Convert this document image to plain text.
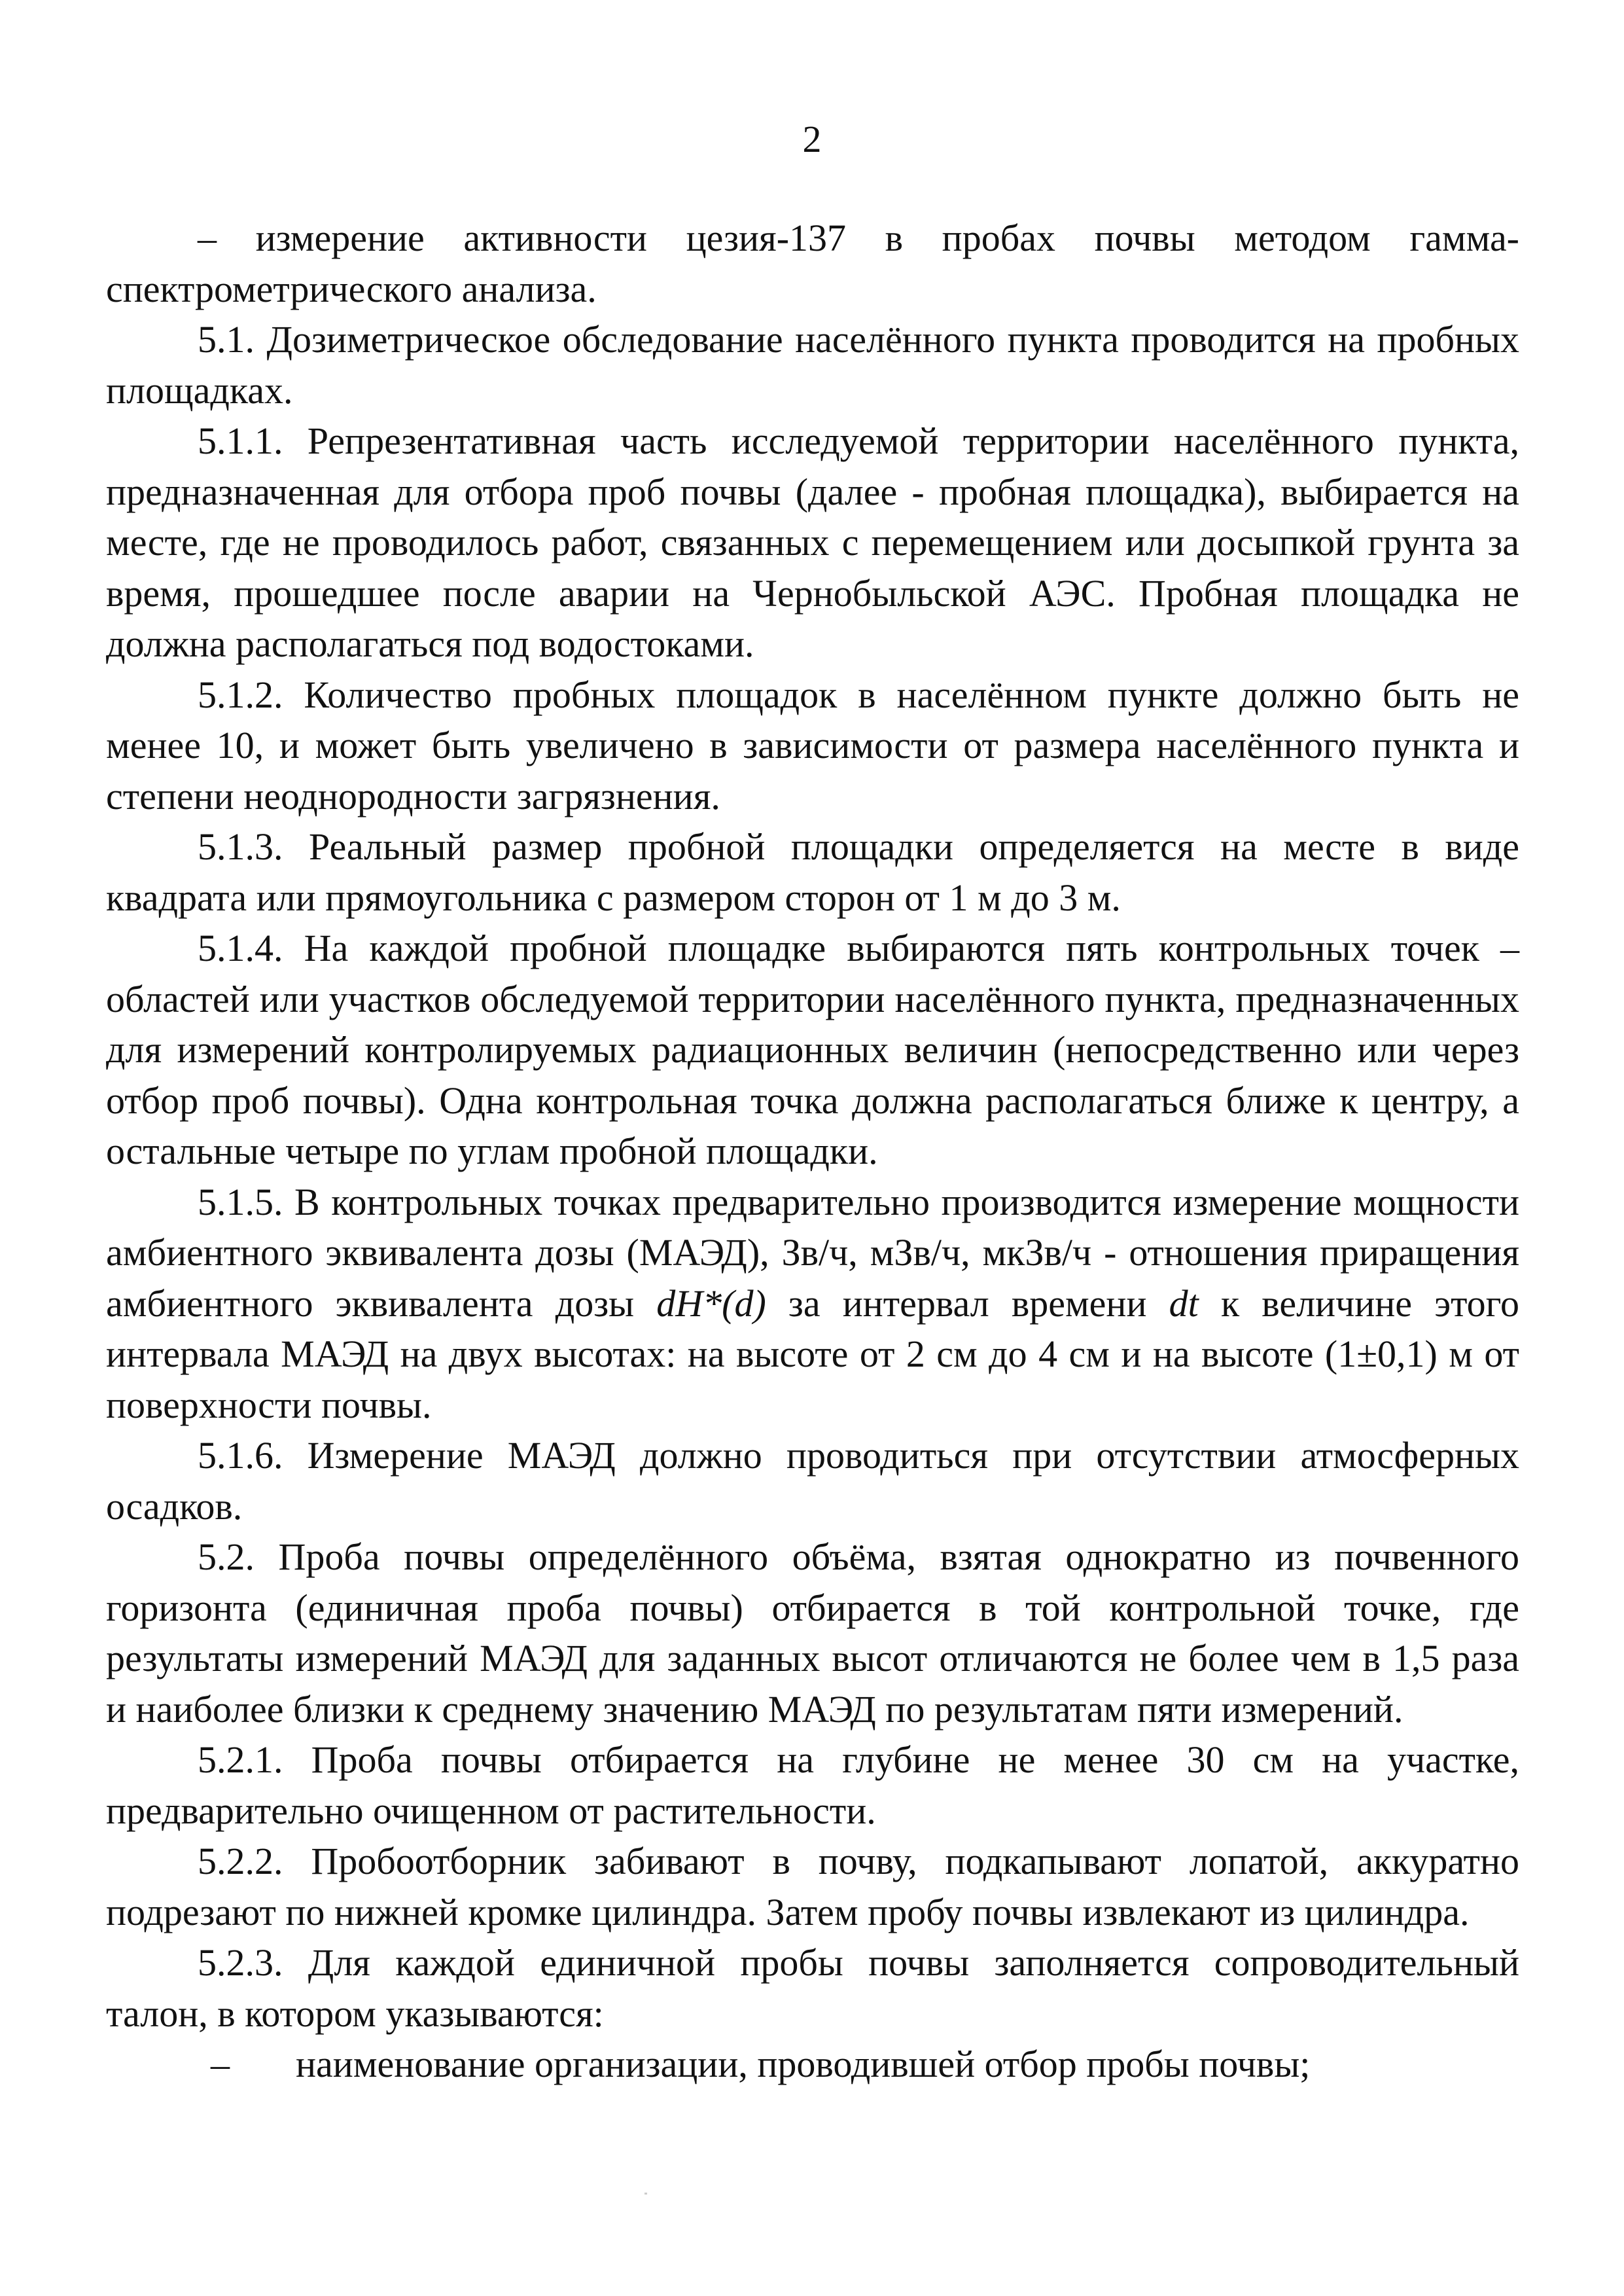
2

– измерение активности цезия-137 в пробах почвы методом гамма-спектрометрического анализа.

5.1. Дозиметрическое обследование населённого пункта проводится на пробных площадках.

5.1.1. Репрезентативная часть исследуемой территории населённого пункта, предназначенная для отбора проб почвы (далее - пробная площадка), выбирается на месте, где не проводилось работ, связанных с перемещением или досыпкой грунта за время, прошедшее после аварии на Чернобыльской АЭС. Пробная площадка не должна располагаться под водостоками.

5.1.2. Количество пробных площадок в населённом пункте должно быть не менее 10, и может быть увеличено в зависимости от размера населённого пункта и степени неоднородности загрязнения.

5.1.3. Реальный размер пробной площадки определяется на месте в виде квадрата или прямоугольника с размером сторон от 1 м до 3 м.

5.1.4. На каждой пробной площадке выбираются пять контрольных точек – областей или участков обследуемой территории населённого пункта, предназначенных для измерений контролируемых радиационных величин (непосредственно или через отбор проб почвы). Одна контрольная точка должна располагаться ближе к центру, а остальные четыре по углам пробной площадки.

5.1.5. В контрольных точках предварительно производится измерение мощности амбиентного эквивалента дозы (МАЭД), Зв/ч, мЗв/ч, мкЗв/ч - отношения приращения амбиентного эквивалента дозы dH*(d) за интервал времени dt к величине этого интервала МАЭД на двух высотах: на высоте от 2 см до 4 см и на высоте (1±0,1) м от поверхности почвы.

5.1.6. Измерение МАЭД должно проводиться при отсутствии атмосферных осадков.

5.2. Проба почвы определённого объёма, взятая однократно из почвенного горизонта (единичная проба почвы) отбирается в той контрольной точке, где результаты измерений МАЭД для заданных высот отличаются не более чем в 1,5 раза и наиболее близки к среднему значению МАЭД по результатам пяти измерений.

5.2.1. Проба почвы отбирается на глубине не менее 30 см на участке, предварительно очищенном от растительности.

5.2.2. Пробоотборник забивают в почву, подкапывают лопатой, аккуратно подрезают по нижней кромке цилиндра. Затем пробу почвы извлекают из цилиндра.

5.2.3. Для каждой единичной пробы почвы заполняется сопроводительный талон, в котором указываются:

– наименование организации, проводившей отбор пробы почвы;
